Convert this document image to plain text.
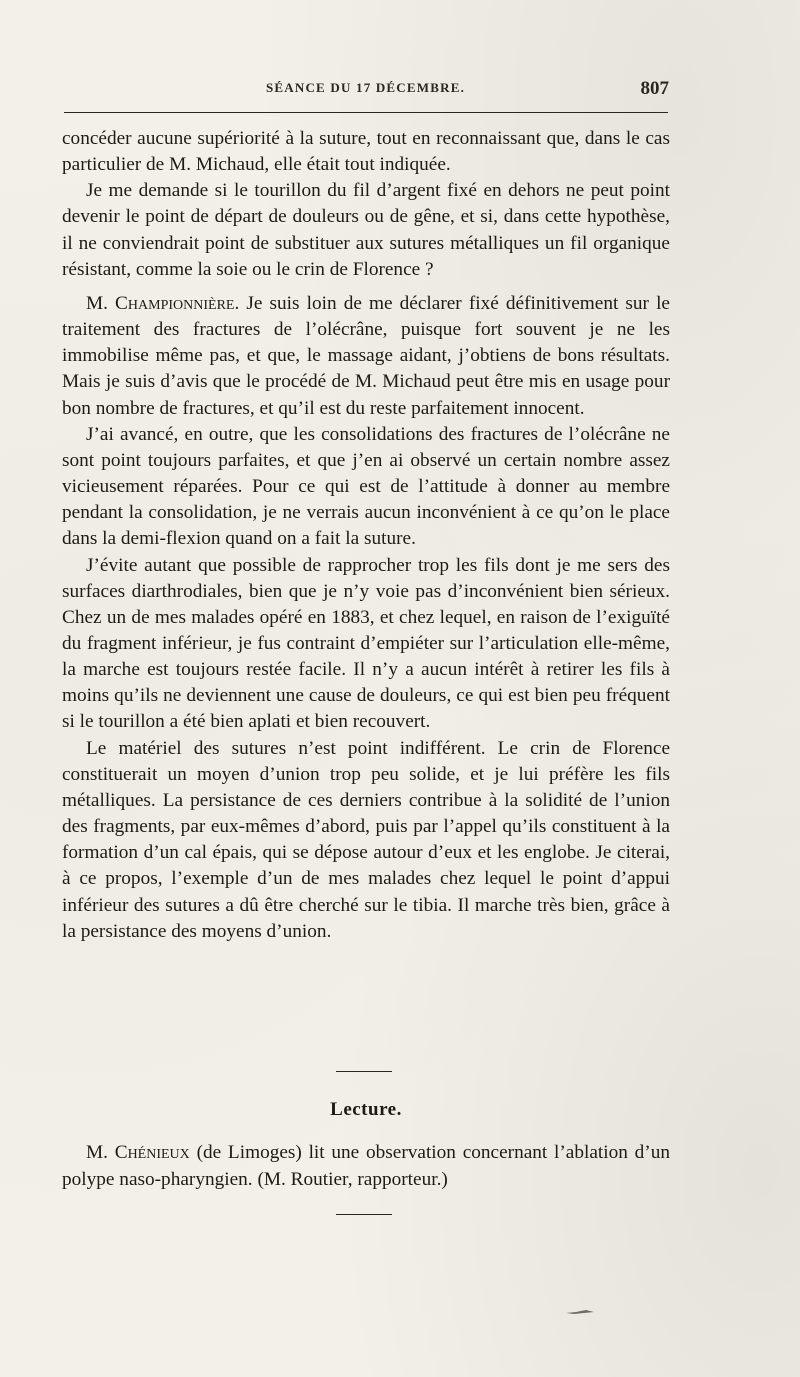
SÉANCE DU 17 DÉCEMBRE.	807

concéder aucune supériorité à la suture, tout en reconnaissant que, dans le cas particulier de M. Michaud, elle était tout indiquée.

Je me demande si le tourillon du fil d’argent fixé en dehors ne peut point devenir le point de départ de douleurs ou de gêne, et si, dans cette hypothèse, il ne conviendrait point de substituer aux sutures métalliques un fil organique résistant, comme la soie ou le crin de Florence ?

M. Championnière. Je suis loin de me déclarer fixé définitivement sur le traitement des fractures de l’olécrâne, puisque fort souvent je ne les immobilise même pas, et que, le massage aidant, j’obtiens de bons résultats. Mais je suis d’avis que le procédé de M. Michaud peut être mis en usage pour bon nombre de fractures, et qu’il est du reste parfaitement innocent.

J’ai avancé, en outre, que les consolidations des fractures de l’olécrâne ne sont point toujours parfaites, et que j’en ai observé un certain nombre assez vicieusement réparées. Pour ce qui est de l’attitude à donner au membre pendant la consolidation, je ne verrais aucun inconvénient à ce qu’on le place dans la demi-flexion quand on a fait la suture.

J’évite autant que possible de rapprocher trop les fils dont je me sers des surfaces diarthrodiales, bien que je n’y voie pas d’inconvénient bien sérieux. Chez un de mes malades opéré en 1883, et chez lequel, en raison de l’exiguïté du fragment inférieur, je fus contraint d’empiéter sur l’articulation elle-même, la marche est toujours restée facile. Il n’y a aucun intérêt à retirer les fils à moins qu’ils ne deviennent une cause de douleurs, ce qui est bien peu fréquent si le tourillon a été bien aplati et bien recouvert.

Le matériel des sutures n’est point indifférent. Le crin de Florence constituerait un moyen d’union trop peu solide, et je lui préfère les fils métalliques. La persistance de ces derniers contribue à la solidité de l’union des fragments, par eux-mêmes d’abord, puis par l’appel qu’ils constituent à la formation d’un cal épais, qui se dépose autour d’eux et les englobe. Je citerai, à ce propos, l’exemple d’un de mes malades chez lequel le point d’appui inférieur des sutures a dû être cherché sur le tibia. Il marche très bien, grâce à la persistance des moyens d’union.

Lecture.

M. Chénieux (de Limoges) lit une observation concernant l’ablation d’un polype naso-pharyngien. (M. Routier, rapporteur.)
